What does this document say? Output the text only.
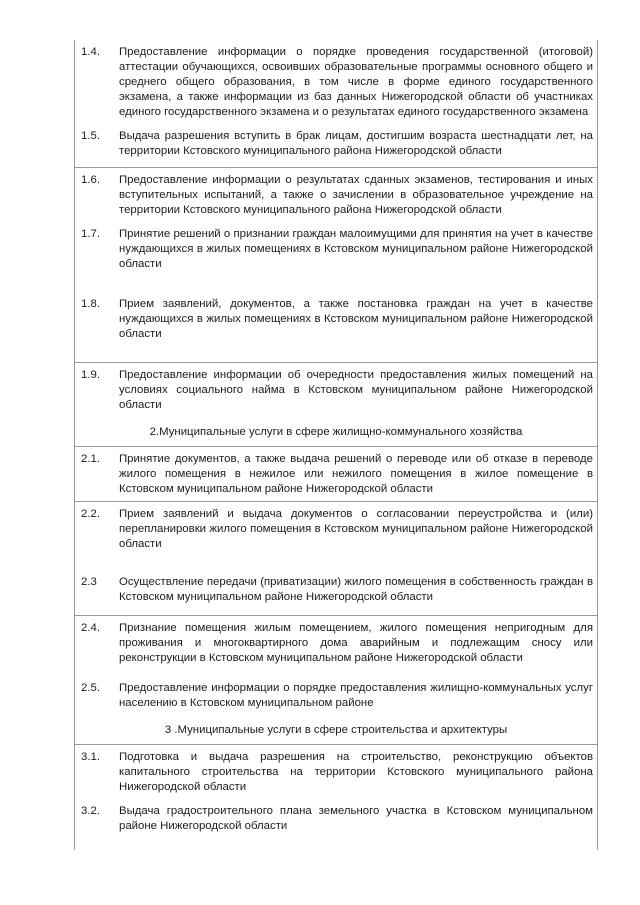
1.4. Предоставление информации о порядке проведения государственной (итоговой) аттестации обучающихся, освоивших образовательные программы основного общего и среднего общего образования, в том числе в форме единого государственного экзамена, а также информации из баз данных Нижегородской области об участниках единого государственного экзамена и о результатах единого государственного экзамена
1.5. Выдача разрешения вступить в брак лицам, достигшим возраста шестнадцати лет, на территории Кстовского муниципального района Нижегородской области
1.6. Предоставление информации о результатах сданных экзаменов, тестирования и иных вступительных испытаний, а также о зачислении в образовательное учреждение на территории Кстовского муниципального района Нижегородской области
1.7. Принятие решений о признании граждан малоимущими для принятия на учет в качестве нуждающихся в жилых помещениях в Кстовском муниципальном районе Нижегородской области
1.8. Прием заявлений, документов, а также постановка граждан на учет в качестве нуждающихся в жилых помещениях в Кстовском муниципальном районе Нижегородской области
1.9. Предоставление информации об очередности предоставления жилых помещений на условиях социального найма в Кстовском муниципальном районе Нижегородской области
2.Муниципальные услуги в сфере жилищно-коммунального хозяйства
2.1. Принятие документов, а также выдача решений о переводе или об отказе в переводе жилого помещения в нежилое или нежилого помещения в жилое помещение в Кстовском муниципальном районе Нижегородской области
2.2. Прием заявлений и выдача документов о согласовании переустройства и (или) перепланировки жилого помещения в Кстовском муниципальном районе Нижегородской области
2.3 Осуществление передачи (приватизации) жилого помещения в собственность граждан в Кстовском муниципальном районе Нижегородской области
2.4. Признание помещения жилым помещением, жилого помещения непригодным для проживания и многоквартирного дома аварийным и подлежащим сносу или реконструкции в Кстовском муниципальном районе Нижегородской области
2.5. Предоставление информации о порядке предоставления жилищно-коммунальных услуг населению в Кстовском муниципальном районе
3 .Муниципальные услуги в сфере строительства и архитектуры
3.1. Подготовка и выдача разрешения на строительство, реконструкцию объектов капитального строительства на территории Кстовского муниципального района Нижегородской области
3.2. Выдача градостроительного плана земельного участка в Кстовском муниципальном районе Нижегородской области
